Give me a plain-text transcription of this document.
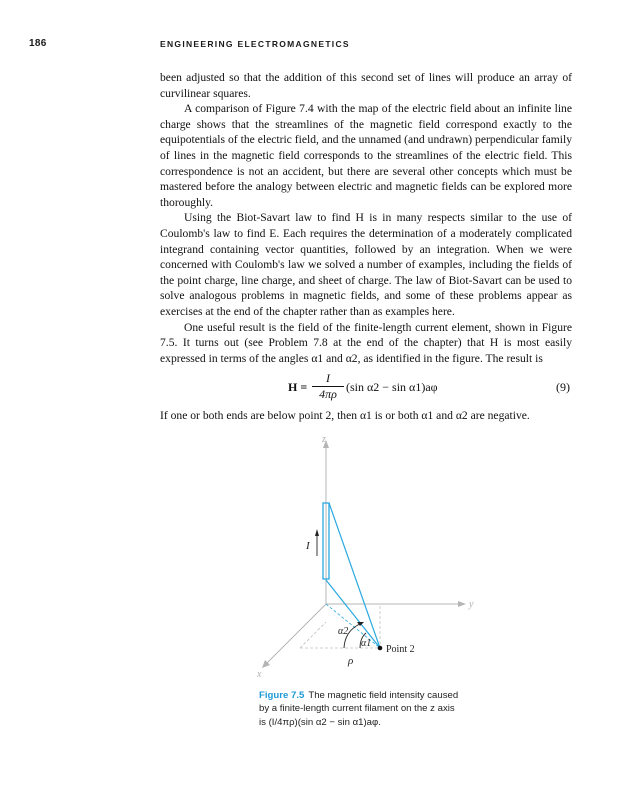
186	ENGINEERING ELECTROMAGNETICS

been adjusted so that the addition of this second set of lines will produce an array of curvilinear squares.

A comparison of Figure 7.4 with the map of the electric field about an infinite line charge shows that the streamlines of the magnetic field correspond exactly to the equipotentials of the electric field, and the unnamed (and undrawn) perpendicular family of lines in the magnetic field corresponds to the streamlines of the electric field. This correspondence is not an accident, but there are several other concepts which must be mastered before the analogy between electric and magnetic fields can be explored more thoroughly.

Using the Biot-Savart law to find H is in many respects similar to the use of Coulomb's law to find E. Each requires the determination of a moderately complicated integrand containing vector quantities, followed by an integration. When we were concerned with Coulomb's law we solved a number of examples, including the fields of the point charge, line charge, and sheet of charge. The law of Biot-Savart can be used to solve analogous problems in magnetic fields, and some of these problems appear as exercises at the end of the chapter rather than as examples here.

One useful result is the field of the finite-length current element, shown in Figure 7.5. It turns out (see Problem 7.8 at the end of the chapter) that H is most easily expressed in terms of the angles α1 and α2, as identified in the figure. The result is

H =
I
4πρ (sin α2 − sin α1)aφ	(9)
If one or both ends are below point 2, then α1 is or both α1 and α2 are negative.
z
y
x
I
α2
α1
ρ
Point 2
Figure 7.5 The magnetic field intensity caused by a finite-length current filament on the z axis is (I/4πρ)(sin α2 − sin α1)aφ.
